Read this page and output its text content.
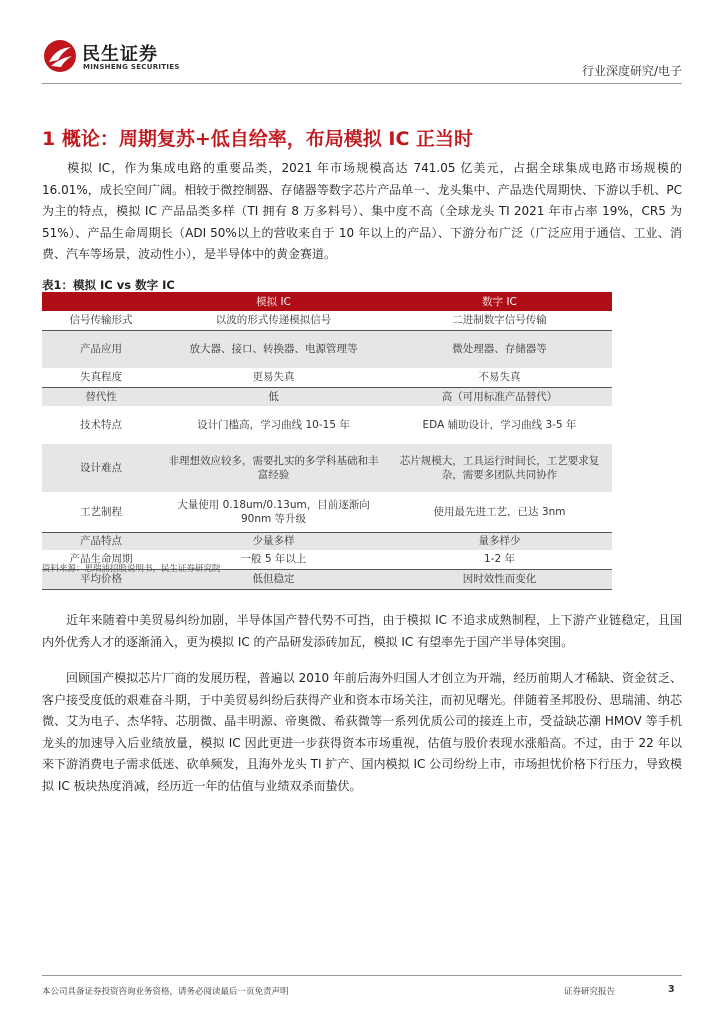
民生证券
MINSHENG SECURITIES	行业深度研究/电子
1 概论：周期复苏+低自给率，布局模拟 IC 正当时
模拟 IC，作为集成电路的重要品类，2021 年市场规模高达 741.05 亿美元，占据全球集成电路市场规模的 16.01%，成长空间广阔。相较于微控制器、存储器等数字芯片产品单一、龙头集中、产品迭代周期快、下游以手机、PC 为主的特点，模拟 IC 产品品类多样（TI 拥有 8 万多料号）、集中度不高（全球龙头 TI 2021 年市占率 19%，CR5 为 51%）、产品生命周期长（ADI 50%以上的营收来自于 10 年以上的产品）、下游分布广泛（广泛应用于通信、工业、消费、汽车等场景，波动性小），是半导体中的黄金赛道。
表1：模拟 IC vs 数字 IC
	模拟 IC	数字 IC
信号传输形式	以波的形式传递模拟信号	二进制数字信号传输
产品应用	放大器、接口、转换器、电源管理等	微处理器、存储器等
失真程度	更易失真	不易失真
替代性	低	高（可用标准产品替代）
技术特点	设计门槛高，学习曲线 10-15 年	EDA 辅助设计，学习曲线 3-5 年
设计难点	非理想效应较多，需要扎实的多学科基础和丰富经验	芯片规模大，工具运行时间长，工艺要求复杂，需要多团队共同协作
工艺制程	大量使用 0.18um/0.13um，目前逐渐向 90nm 等升级	使用最先进工艺，已达 3nm
产品特点	少量多样	量多样少
产品生命周期	一般 5 年以上	1-2 年
平均价格	低但稳定	因时效性而变化
资料来源：思瑞浦招股说明书，民生证券研究院
近年来随着中美贸易纠纷加剧，半导体国产替代势不可挡，由于模拟 IC 不追求成熟制程，上下游产业链稳定，且国内外优秀人才的逐渐涌入，更为模拟 IC 的产品研发添砖加瓦，模拟 IC 有望率先于国产半导体突围。
回顾国产模拟芯片厂商的发展历程，普遍以 2010 年前后海外归国人才创立为开端，经历前期人才稀缺、资金贫乏、客户接受度低的艰难奋斗期，于中美贸易纠纷后获得产业和资本市场关注，而初见曙光。伴随着圣邦股份、思瑞浦、纳芯微、艾为电子、杰华特、芯朋微、晶丰明源、帝奥微、希荻微等一系列优质公司的接连上市，受益缺芯潮 HMOV 等手机龙头的加速导入后业绩放量，模拟 IC 因此更进一步获得资本市场重视，估值与股价表现水涨船高。不过，由于 22 年以来下游消费电子需求低迷、砍单频发，且海外龙头 TI 扩产、国内模拟 IC 公司纷纷上市，市场担忧价格下行压力，导致模拟 IC 板块热度消减，经历近一年的估值与业绩双杀而蛰伏。
本公司具备证券投资咨询业务资格，请务必阅读最后一页免责声明	证券研究报告	3
